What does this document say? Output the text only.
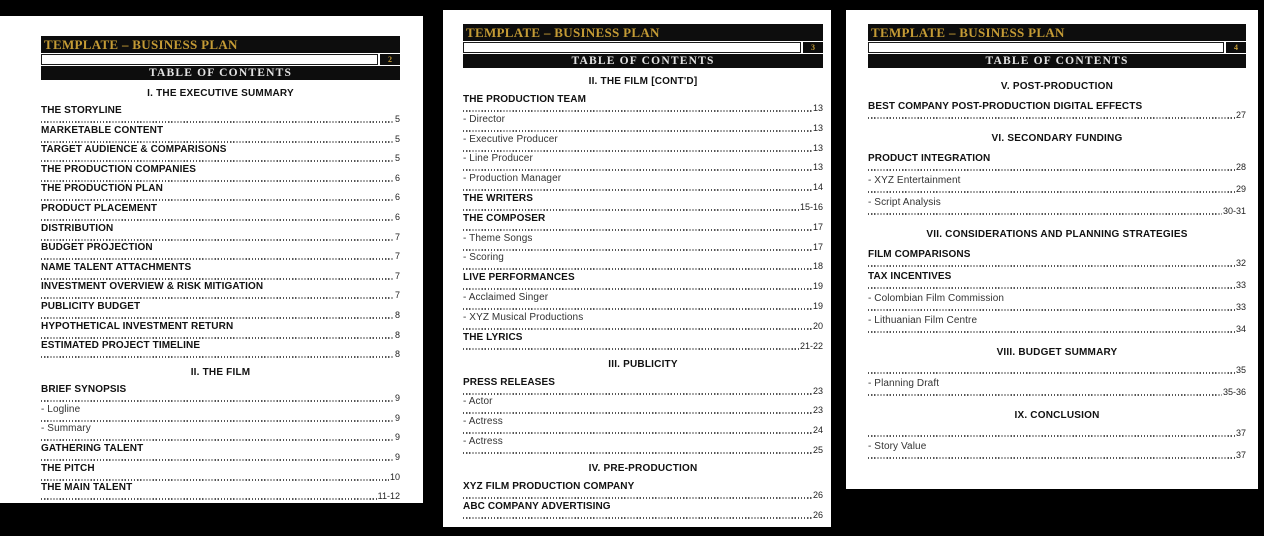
TEMPLATE – BUSINESS PLAN
2
TABLE OF CONTENTS
I. THE EXECUTIVE SUMMARY
THE STORYLINE
5
MARKETABLE CONTENT
5
TARGET AUDIENCE & COMPARISONS
5
THE PRODUCTION COMPANIES
6
THE PRODUCTION PLAN
6
PRODUCT PLACEMENT
6
DISTRIBUTION
7
BUDGET PROJECTION
7
NAME TALENT ATTACHMENTS
7
INVESTMENT OVERVIEW & RISK MITIGATION
7
PUBLICITY BUDGET
8
HYPOTHETICAL INVESTMENT RETURN
8
ESTIMATED PROJECT TIMELINE
8
II. THE FILM
BRIEF SYNOPSIS
9
- Logline
9
- Summary
9
GATHERING TALENT
9
THE PITCH
10
THE MAIN TALENT
11-12
TEMPLATE – BUSINESS PLAN
3
TABLE OF CONTENTS
II. THE FILM [CONT'D]
THE PRODUCTION TEAM
13
- Director
13
- Executive Producer
13
- Line Producer
13
- Production Manager
14
THE WRITERS
15-16
THE COMPOSER
17
- Theme Songs
17
- Scoring
18
LIVE PERFORMANCES
19
- Acclaimed Singer
19
- XYZ Musical Productions
20
THE LYRICS
21-22
III. PUBLICITY
PRESS RELEASES
23
- Actor
23
- Actress
24
- Actress
25
IV. PRE-PRODUCTION
XYZ FILM PRODUCTION COMPANY
26
ABC COMPANY ADVERTISING
26
TEMPLATE – BUSINESS PLAN
4
TABLE OF CONTENTS
V. POST-PRODUCTION
BEST COMPANY POST-PRODUCTION DIGITAL EFFECTS
27
VI. SECONDARY FUNDING
PRODUCT INTEGRATION
28
- XYZ Entertainment
29
- Script Analysis
30-31
VII. CONSIDERATIONS AND PLANNING STRATEGIES
FILM COMPARISONS
32
TAX INCENTIVES
33
- Colombian Film Commission
33
- Lithuanian Film Centre
34
VIII. BUDGET SUMMARY
35
- Planning Draft
35-36
IX. CONCLUSION
37
- Story Value
37
